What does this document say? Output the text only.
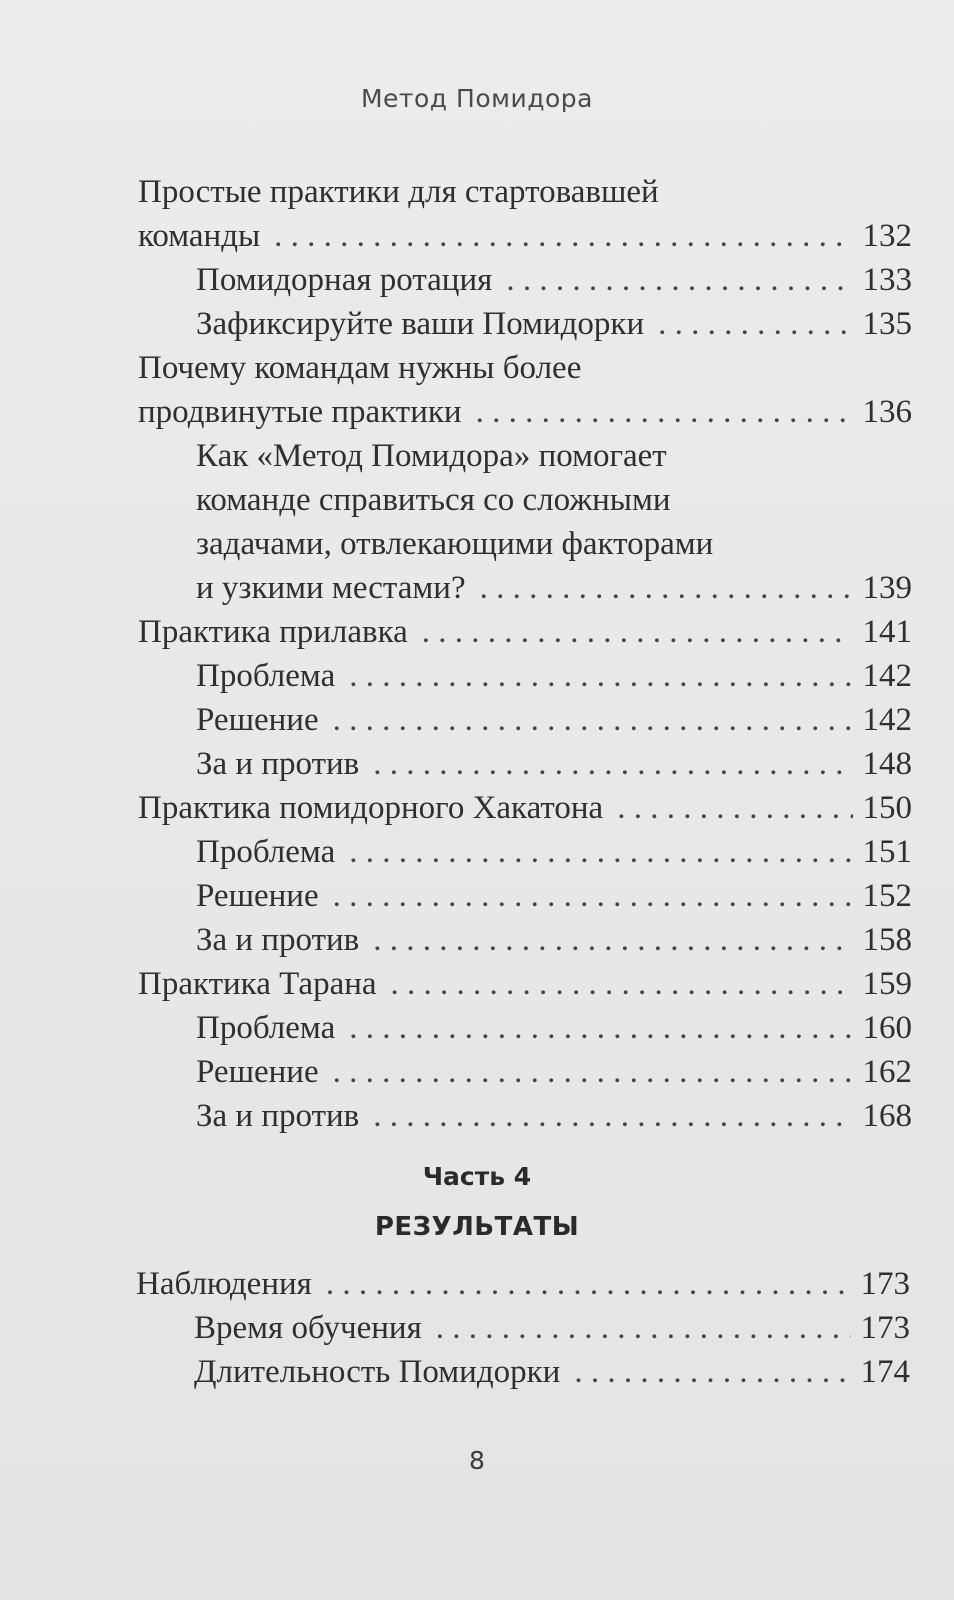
Метод Помидора
Простые практики для стартовавшей
команды . . .	132
Помидорная ротация . . .	133
Зафиксируйте ваши Помидорки . . .	135
Почему командам нужны более
продвинутые практики . . .	136
Как «Метод Помидора» помогает
команде справиться со сложными
задачами, отвлекающими факторами
и узкими местами? . . .	139
Практика прилавка . . .	141
Проблема . . .	142
Решение . . .	142
За и против . . .	148
Практика помидорного Хакатона . . .	150
Проблема . . .	151
Решение . . .	152
За и против . . .	158
Практика Тарана . . .	159
Проблема . . .	160
Решение . . .	162
За и против . . .	168
Часть 4
РЕЗУЛЬТАТЫ
Наблюдения . . .	173
Время обучения . . .	173
Длительность Помидорки . . .	174
8
